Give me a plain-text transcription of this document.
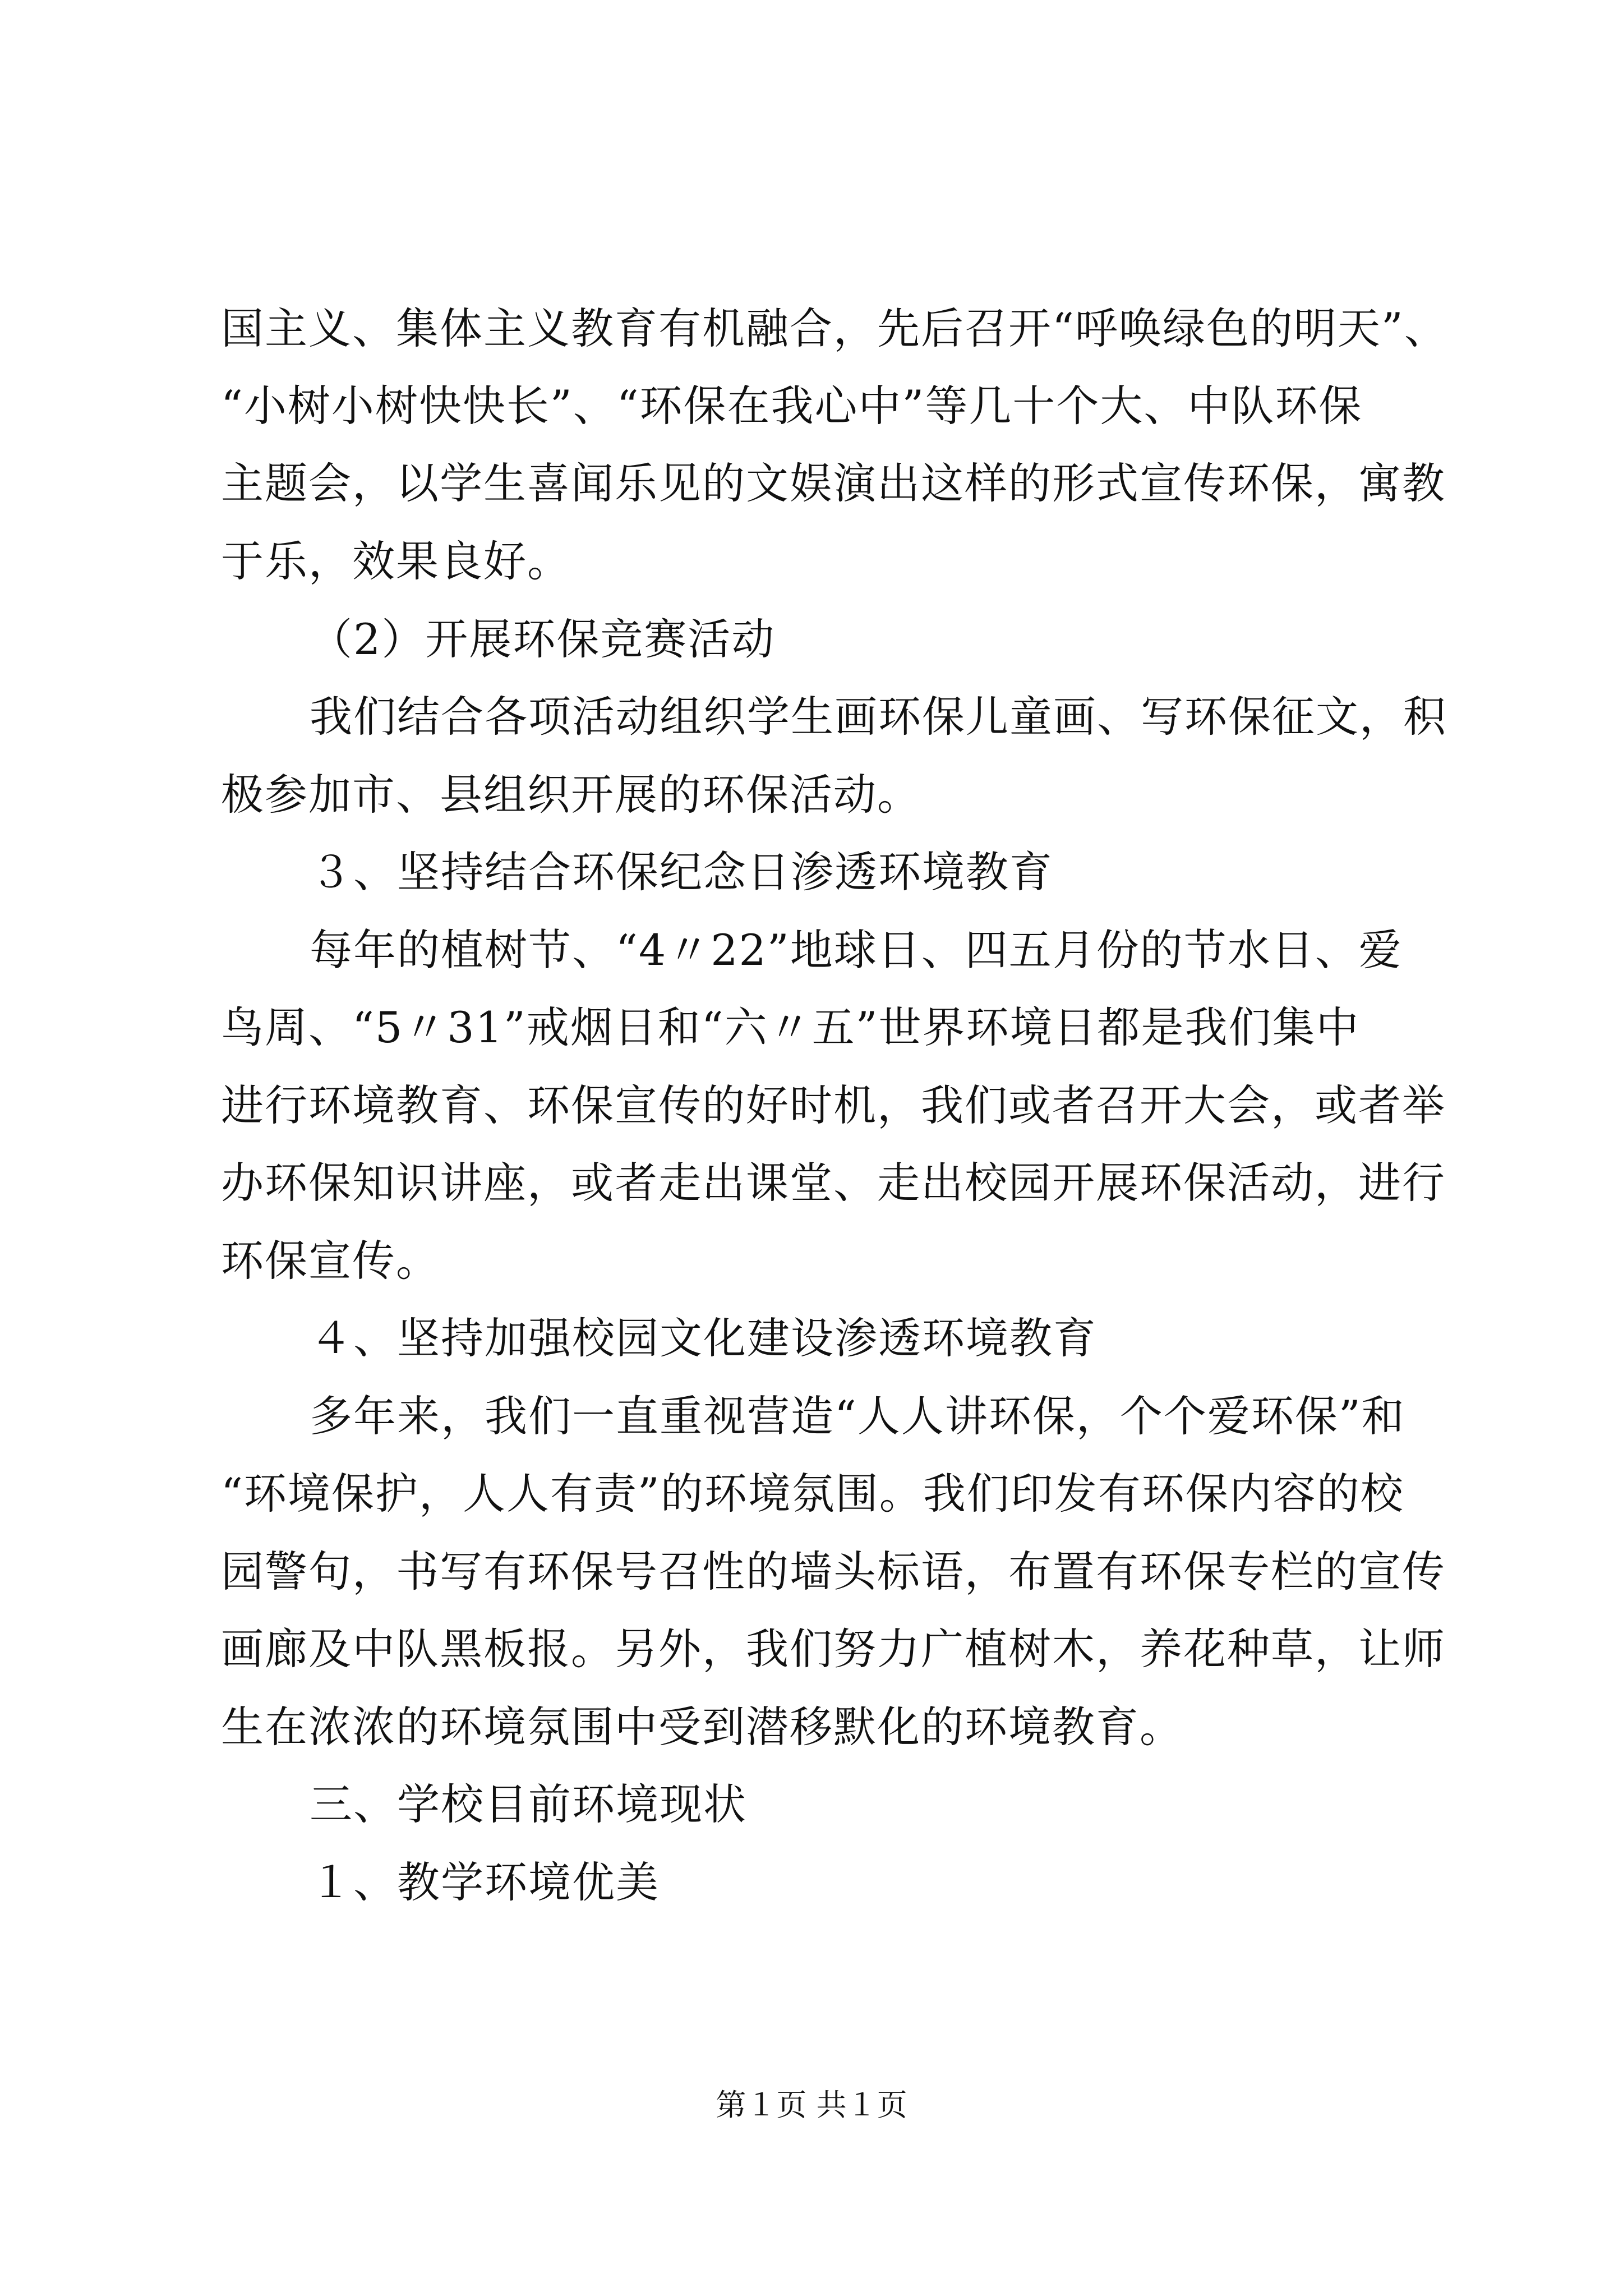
国主义、集体主义教育有机融合，先后召开“呼唤绿色的明天”、
“小树小树快快长”、“环保在我心中”等几十个大、中队环保
主题会，以学生喜闻乐见的文娱演出这样的形式宣传环保，寓教
于乐，效果良好。
（2）开展环保竞赛活动
我们结合各项活动组织学生画环保儿童画、写环保征文，积
极参加市、县组织开展的环保活动。
３、坚持结合环保纪念日渗透环境教育
每年的植树节、“4〃22”地球日、四五月份的节水日、爱
鸟周、“5〃31”戒烟日和“六〃五”世界环境日都是我们集中
进行环境教育、环保宣传的好时机，我们或者召开大会，或者举
办环保知识讲座，或者走出课堂、走出校园开展环保活动，进行
环保宣传。
４、坚持加强校园文化建设渗透环境教育
多年来，我们一直重视营造“人人讲环保，个个爱环保”和
“环境保护，人人有责”的环境氛围。我们印发有环保内容的校
园警句，书写有环保号召性的墙头标语，布置有环保专栏的宣传
画廊及中队黑板报。另外，我们努力广植树木，养花种草，让师
生在浓浓的环境氛围中受到潜移默化的环境教育。
三、学校目前环境现状
１、教学环境优美
第１页 共１页
